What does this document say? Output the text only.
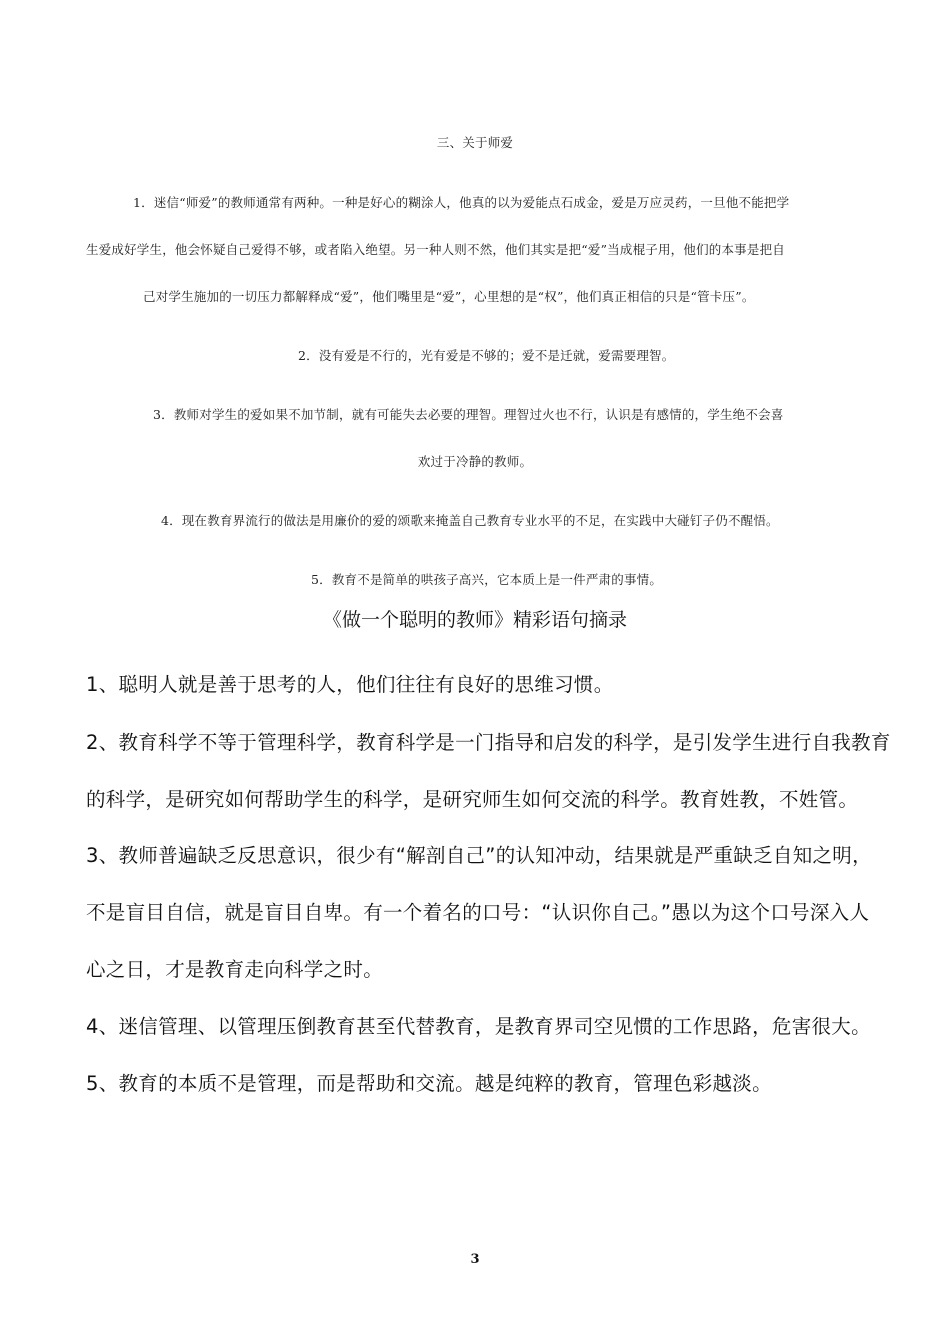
三、关于师爱
1．迷信“师爱”的教师通常有两种。一种是好心的糊涂人，他真的以为爱能点石成金，爱是万应灵药，一旦他不能把学
生爱成好学生，他会怀疑自己爱得不够，或者陷入绝望。另一种人则不然，他们其实是把“爱”当成棍子用，他们的本事是把自
己对学生施加的一切压力都解释成“爱”，他们嘴里是“爱”，心里想的是“权”，他们真正相信的只是“管卡压”。
2．没有爱是不行的，光有爱是不够的；爱不是迁就，爱需要理智。
3．教师对学生的爱如果不加节制，就有可能失去必要的理智。理智过火也不行，认识是有感情的，学生绝不会喜
欢过于冷静的教师。
4．现在教育界流行的做法是用廉价的爱的颂歌来掩盖自己教育专业水平的不足，在实践中大碰钉子仍不醒悟。
5．教育不是简单的哄孩子高兴，它本质上是一件严肃的事情。
《做一个聪明的教师》精彩语句摘录
1、聪明人就是善于思考的人，他们往往有良好的思维习惯。
2、教育科学不等于管理科学，教育科学是一门指导和启发的科学，是引发学生进行自我教育
的科学，是研究如何帮助学生的科学，是研究师生如何交流的科学。教育姓教，不姓管。
3、教师普遍缺乏反思意识，很少有“解剖自己”的认知冲动，结果就是严重缺乏自知之明，
不是盲目自信，就是盲目自卑。有一个着名的口号：“认识你自己。”愚以为这个口号深入人
心之日，才是教育走向科学之时。
4、迷信管理、以管理压倒教育甚至代替教育，是教育界司空见惯的工作思路，危害很大。
5、教育的本质不是管理，而是帮助和交流。越是纯粹的教育，管理色彩越淡。
3
